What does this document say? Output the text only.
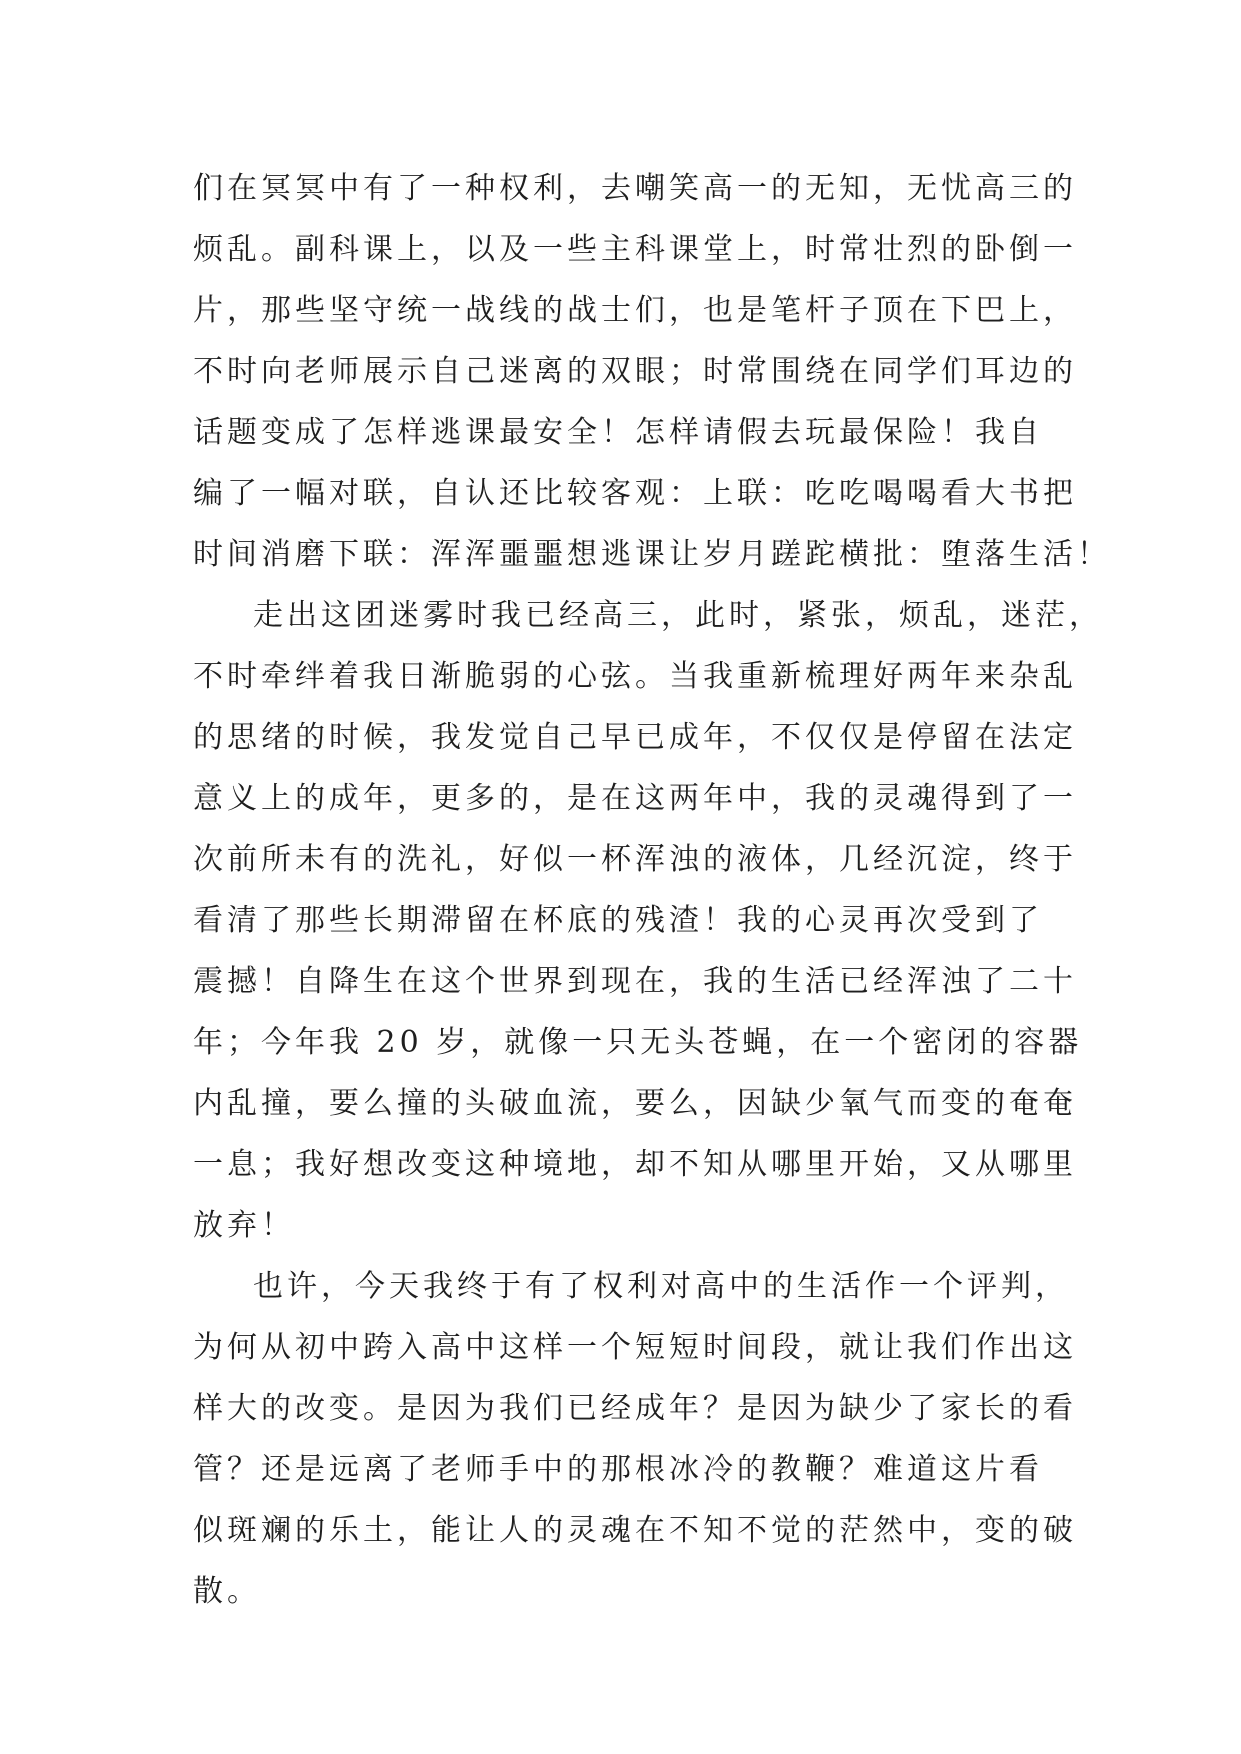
们在冥冥中有了一种权利，去嘲笑高一的无知，无忧高三的
烦乱。副科课上，以及一些主科课堂上，时常壮烈的卧倒一
片，那些坚守统一战线的战士们，也是笔杆子顶在下巴上，
不时向老师展示自己迷离的双眼；时常围绕在同学们耳边的
话题变成了怎样逃课最安全！怎样请假去玩最保险！我自
编了一幅对联，自认还比较客观：上联：吃吃喝喝看大书把
时间消磨下联：浑浑噩噩想逃课让岁月蹉跎横批：堕落生活！
走出这团迷雾时我已经高三，此时，紧张，烦乱，迷茫，
不时牵绊着我日渐脆弱的心弦。当我重新梳理好两年来杂乱
的思绪的时候，我发觉自己早已成年，不仅仅是停留在法定
意义上的成年，更多的，是在这两年中，我的灵魂得到了一
次前所未有的洗礼，好似一杯浑浊的液体，几经沉淀，终于
看清了那些长期滞留在杯底的残渣！我的心灵再次受到了
震撼！自降生在这个世界到现在，我的生活已经浑浊了二十
年；今年我 20 岁，就像一只无头苍蝇，在一个密闭的容器
内乱撞，要么撞的头破血流，要么，因缺少氧气而变的奄奄
一息；我好想改变这种境地，却不知从哪里开始，又从哪里
放弃！
也许，今天我终于有了权利对高中的生活作一个评判，
为何从初中跨入高中这样一个短短时间段，就让我们作出这
样大的改变。是因为我们已经成年？是因为缺少了家长的看
管？还是远离了老师手中的那根冰冷的教鞭？难道这片看
似斑斓的乐土，能让人的灵魂在不知不觉的茫然中，变的破
散。
